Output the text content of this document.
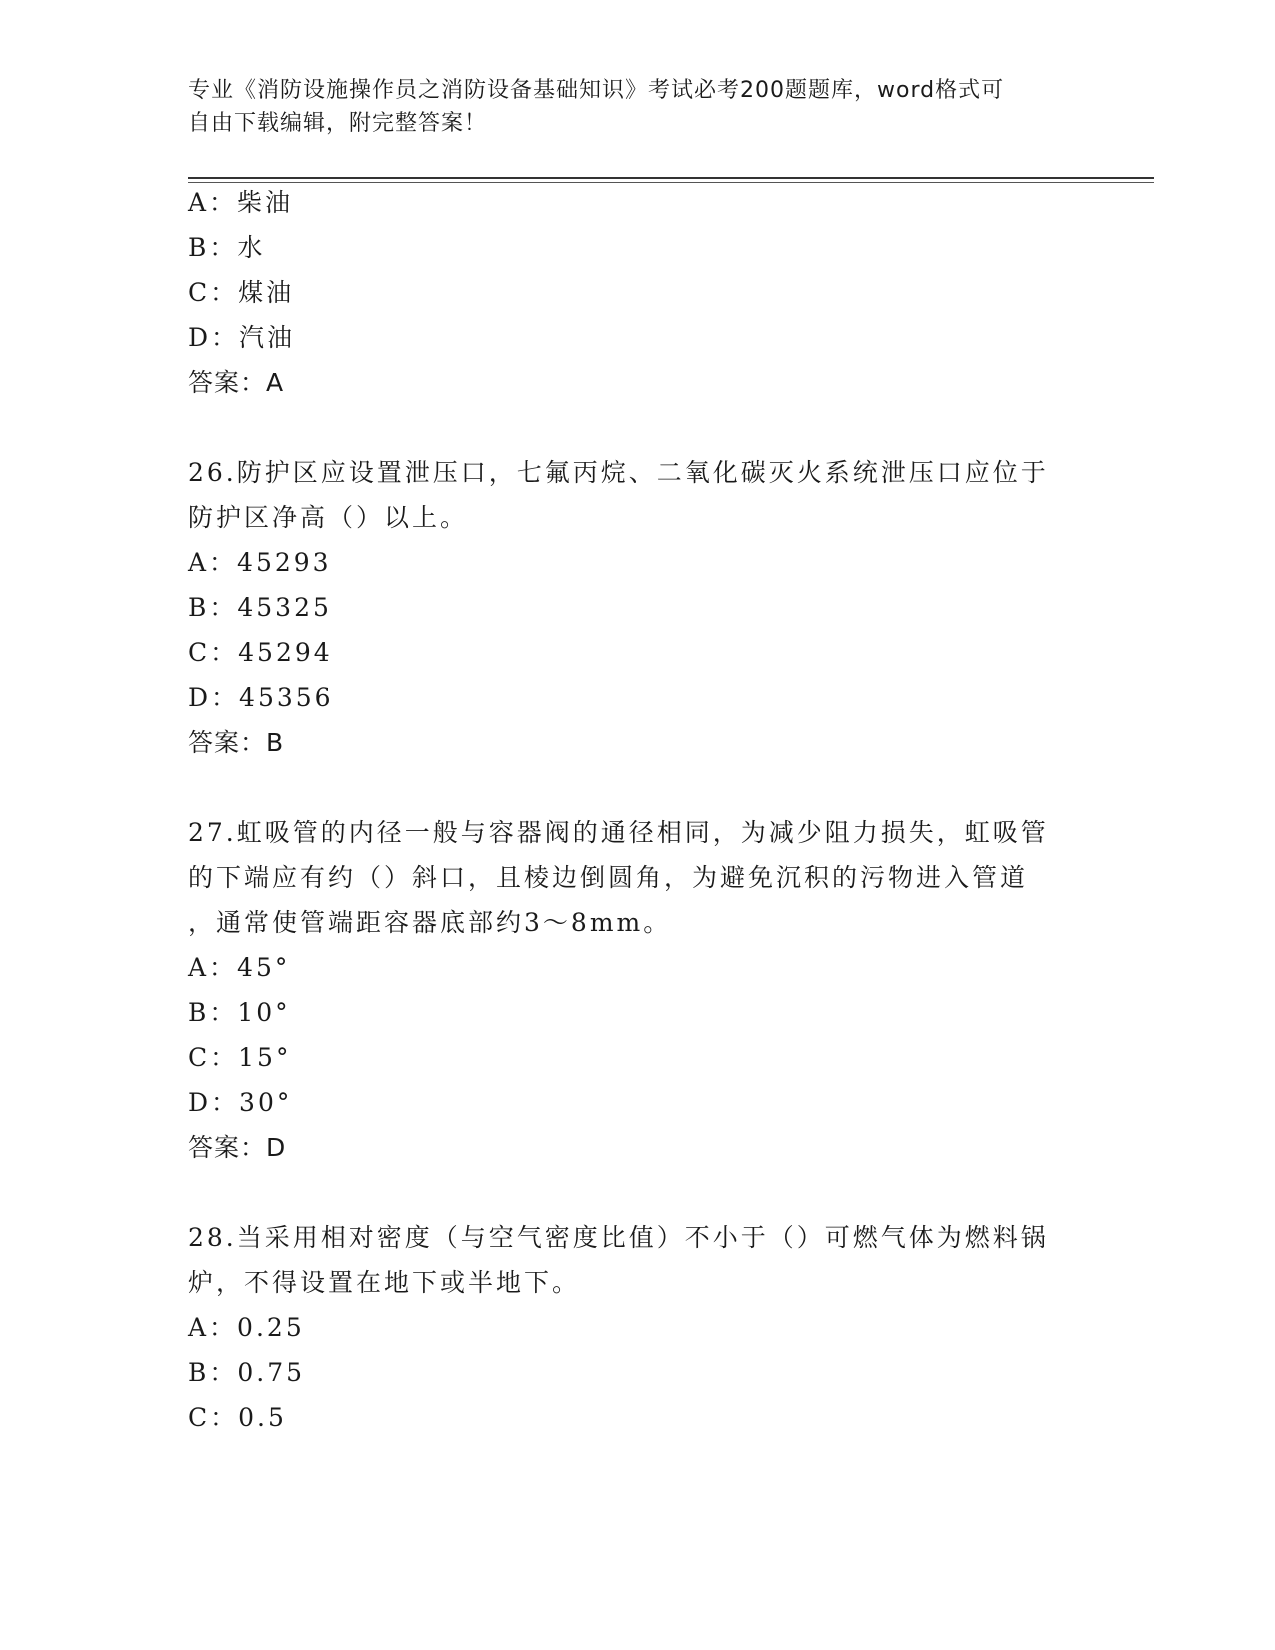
专业《消防设施操作员之消防设备基础知识》考试必考200题题库，word格式可
自由下载编辑，附完整答案！
A：柴油
B：水
C：煤油
D：汽油
答案：A
26.防护区应设置泄压口，七氟丙烷、二氧化碳灭火系统泄压口应位于
防护区净高（）以上。
A：45293
B：45325
C：45294
D：45356
答案：B
27.虹吸管的内径一般与容器阀的通径相同，为减少阻力损失，虹吸管
的下端应有约（）斜口，且棱边倒圆角，为避免沉积的污物进入管道
，通常使管端距容器底部约3～8mm。
A：45°
B：10°
C：15°
D：30°
答案：D
28.当采用相对密度（与空气密度比值）不小于（）可燃气体为燃料锅
炉，不得设置在地下或半地下。
A：0.25
B：0.75
C：0.5
